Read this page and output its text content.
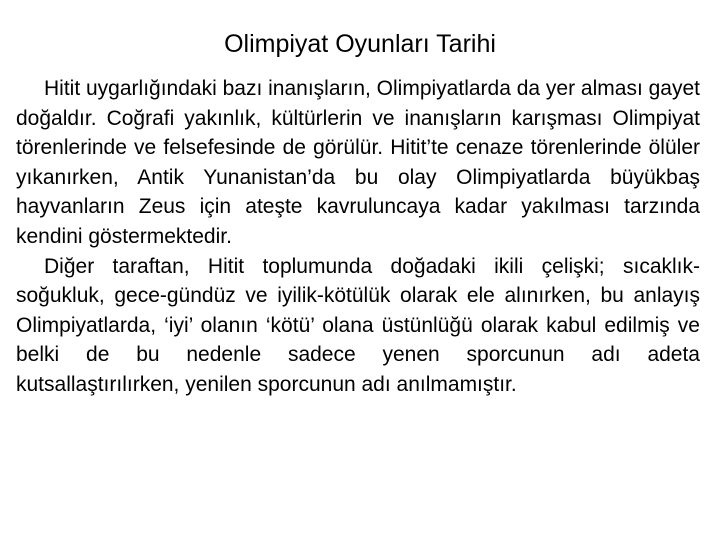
Olimpiyat Oyunları Tarihi

Hitit uygarlığındaki bazı inanışların, Olimpiyatlarda da yer alması gayet doğaldır. Coğrafi yakınlık, kültürlerin ve inanışların karışması Olimpiyat törenlerinde ve felsefesinde de görülür. Hitit’te cenaze törenlerinde ölüler yıkanırken, Antik Yunanistan’da bu olay Olimpiyatlarda büyükbaş hayvanların Zeus için ateşte kavruluncaya kadar yakılması tarzında kendini göstermektedir.

Diğer taraftan, Hitit toplumunda doğadaki ikili çelişki; sıcaklık-soğukluk, gece-gündüz ve iyilik-kötülük olarak ele alınırken, bu anlayış Olimpiyatlarda, ‘iyi’ olanın ‘kötü’ olana üstünlüğü olarak kabul edilmiş ve belki de bu nedenle sadece yenen sporcunun adı adeta kutsallaştırılırken, yenilen sporcunun adı anılmamıştır.
